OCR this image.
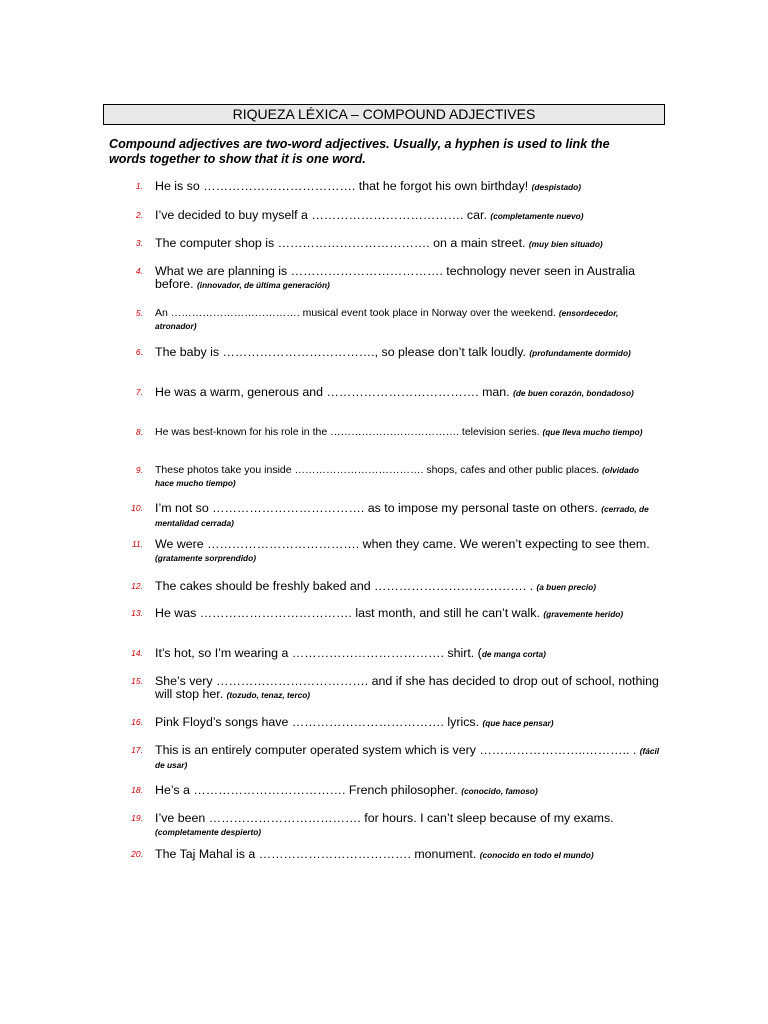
RIQUEZA LÉXICA – COMPOUND ADJECTIVES
Compound adjectives are two-word adjectives. Usually, a hyphen is used to link the words together to show that it is one word.
1. He is so ………………………………. that he forgot his own birthday! (despistado)
2. I’ve decided to buy myself a ………………………………. car. (completamente nuevo)
3. The computer shop is ………………………………. on a main street. (muy bien situado)
4. What we are planning is ………………………………. technology never seen in Australia before. (innovador, de última generación)
5. An ………………………………. musical event took place in Norway over the weekend. (ensordecedor, atronador)
6. The baby is ………………………………., so please don’t talk loudly. (profundamente dormido)
7. He was a warm, generous and ………………………………. man. (de buen corazón, bondadoso)
8. He was best-known for his role in the ………………………………. television series. (que lleva mucho tiempo)
9. These photos take you inside ………………………………. shops, cafes and other public places. (olvidado hace mucho tiempo)
10. I’m not so ………………………………. as to impose my personal taste on others. (cerrado, de mentalidad cerrada)
11. We were ………………………………. when they came. We weren’t expecting to see them. (gratamente sorprendido)
12. The cakes should be freshly baked and ………………………………. . (a buen precio)
13. He was ………………………………. last month, and still he can’t walk. (gravemente herido)
14. It’s hot, so I’m wearing a ………………………………. shirt. (de manga corta)
15. She’s very ………………………………. and if she has decided to drop out of school, nothing will stop her. (tozudo, tenaz, terco)
16. Pink Floyd’s songs have ………………………………. lyrics. (que hace pensar)
17. This is an entirely computer operated system which is very ……………………..……….. . (fácil de usar)
18. He’s a ………………………………. French philosopher. (conocido, famoso)
19. I’ve been ………………………………. for hours. I can’t sleep because of my exams. (completamente despierto)
20. The Taj Mahal is a ………………………………. monument. (conocido en todo el mundo)
